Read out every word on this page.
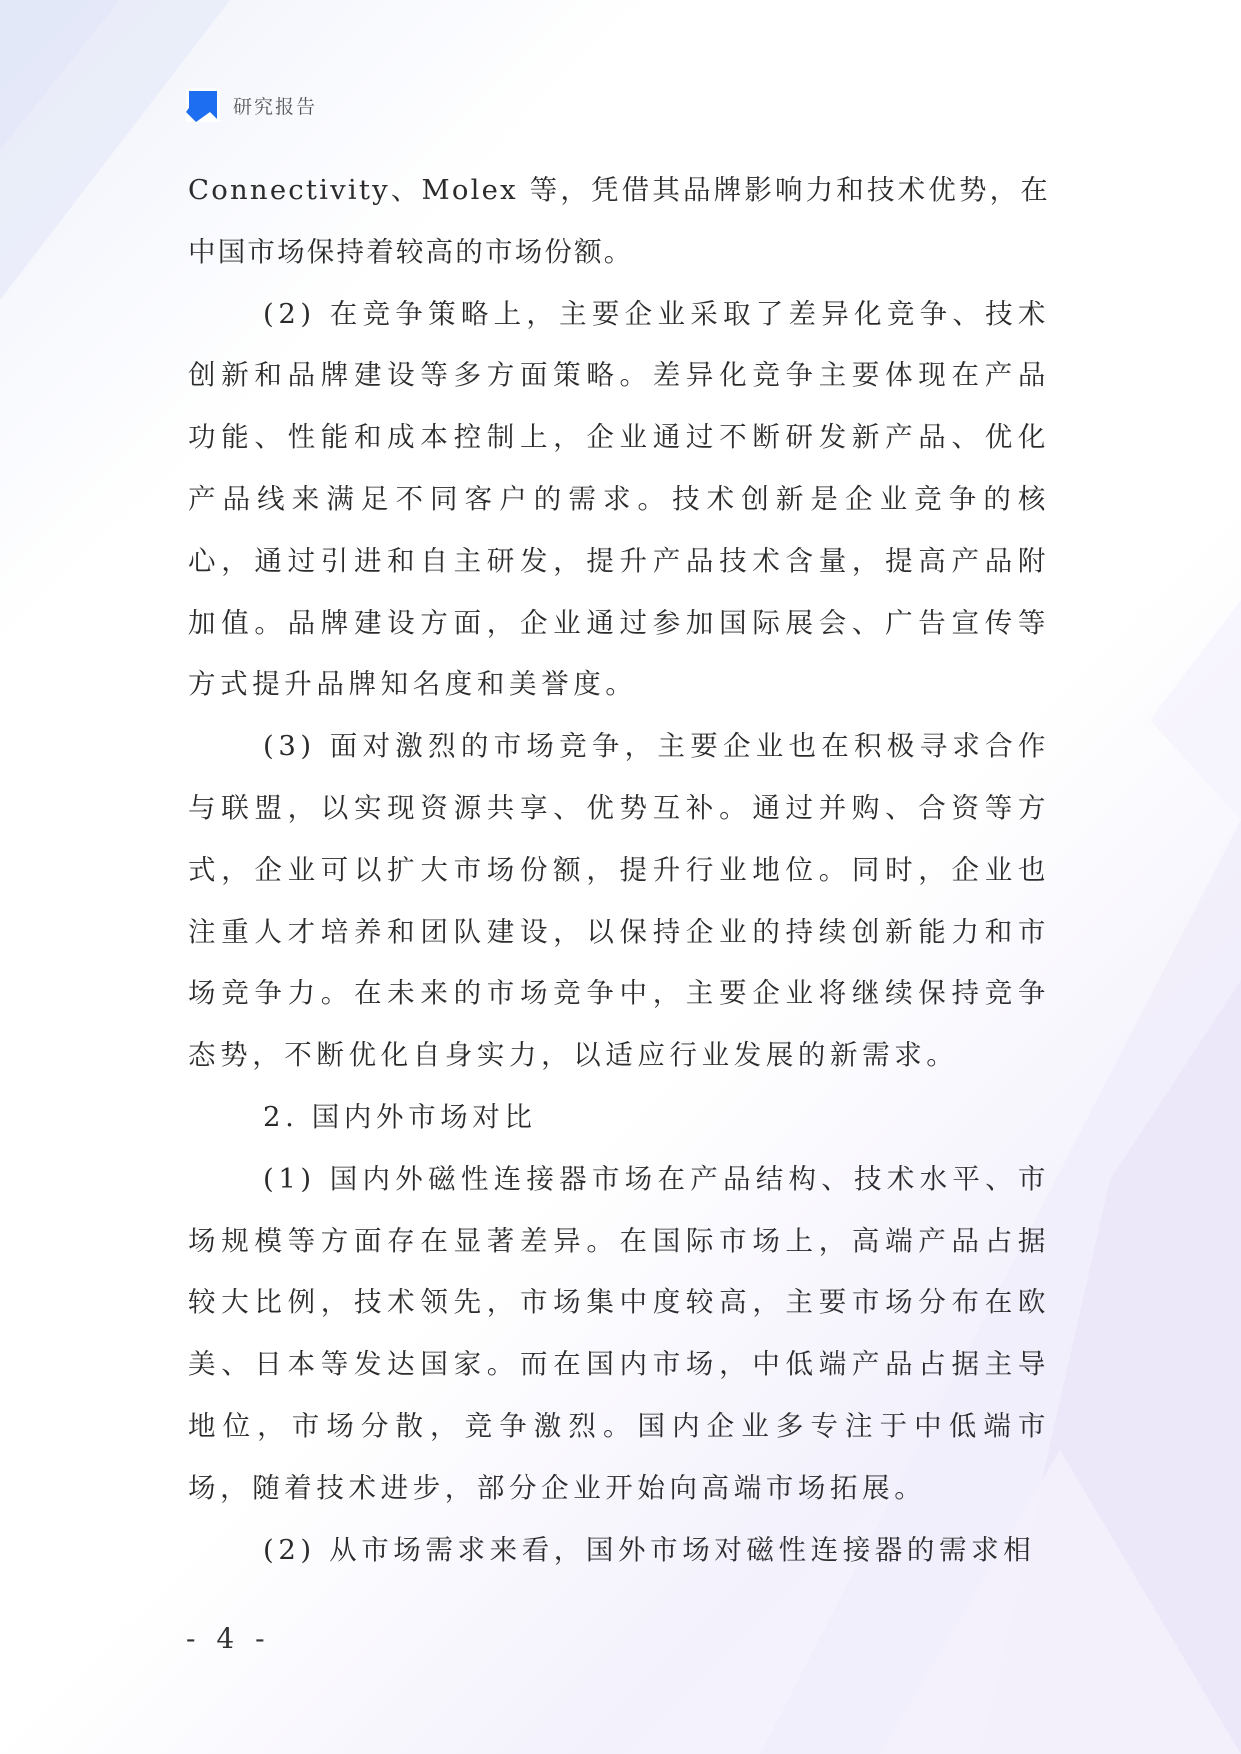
研究报告

Connectivity、Molex 等，凭借其品牌影响力和技术优势，在中国市场保持着较高的市场份额。

(2) 在竞争策略上，主要企业采取了差异化竞争、技术创新和品牌建设等多方面策略。差异化竞争主要体现在产品功能、性能和成本控制上，企业通过不断研发新产品、优化产品线来满足不同客户的需求。技术创新是企业竞争的核心，通过引进和自主研发，提升产品技术含量，提高产品附加值。品牌建设方面，企业通过参加国际展会、广告宣传等方式提升品牌知名度和美誉度。

(3) 面对激烈的市场竞争，主要企业也在积极寻求合作与联盟，以实现资源共享、优势互补。通过并购、合资等方式，企业可以扩大市场份额，提升行业地位。同时，企业也注重人才培养和团队建设，以保持企业的持续创新能力和市场竞争力。在未来的市场竞争中，主要企业将继续保持竞争态势，不断优化自身实力，以适应行业发展的新需求。

2. 国内外市场对比

(1) 国内外磁性连接器市场在产品结构、技术水平、市场规模等方面存在显著差异。在国际市场上，高端产品占据较大比例，技术领先，市场集中度较高，主要市场分布在欧美、日本等发达国家。而在国内市场，中低端产品占据主导地位，市场分散，竞争激烈。国内企业多专注于中低端市场，随着技术进步，部分企业开始向高端市场拓展。

(2) 从市场需求来看，国外市场对磁性连接器的需求相

- 4 -
